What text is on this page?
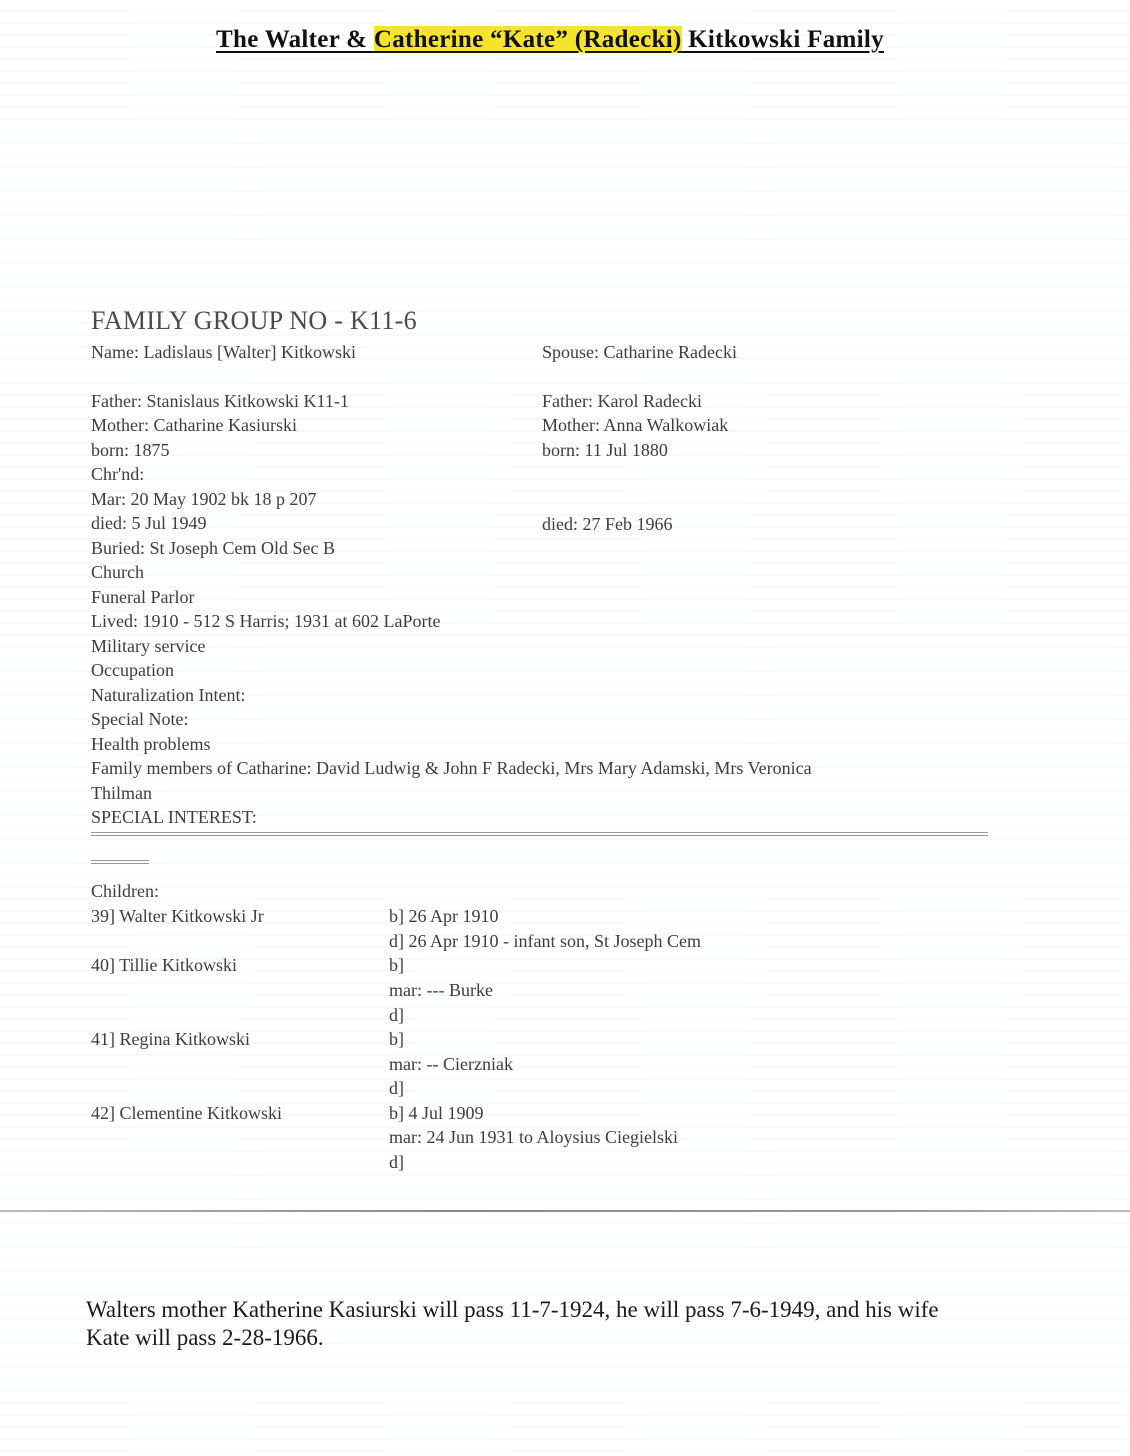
The Walter & Catherine “Kate” (Radecki) Kitkowski Family
FAMILY GROUP NO - K11-6
Name: Ladislaus [Walter] Kitkowski	Spouse: Catharine Radecki
Father: Stanislaus Kitkowski K11-1	Father: Karol Radecki
Mother: Catharine Kasiurski	Mother: Anna Walkowiak
born: 1875	born: 11 Jul 1880
Chr'nd:
Mar: 20 May 1902 bk 18 p 207
died: 5 Jul 1949	died: 27 Feb 1966
Buried: St Joseph Cem Old Sec B
Church
Funeral Parlor
Lived: 1910 - 512 S Harris; 1931 at 602 LaPorte
Military service
Occupation
Naturalization Intent:
Special Note:
Health problems
Family members of Catharine: David Ludwig & John F Radecki, Mrs Mary Adamski, Mrs Veronica
Thilman
SPECIAL INTEREST:
Children:
39] Walter Kitkowski Jr	b] 26 Apr 1910
d] 26 Apr 1910 - infant son, St Joseph Cem
40] Tillie Kitkowski	b]
mar: --- Burke
d]
41] Regina Kitkowski	b]
mar: -- Cierzniak
d]
42] Clementine Kitkowski	b] 4 Jul 1909
mar: 24 Jun 1931 to Aloysius Ciegielski
d]
Walters mother Katherine Kasiurski will pass 11-7-1924, he will pass 7-6-1949, and his wife Kate will pass 2-28-1966.
